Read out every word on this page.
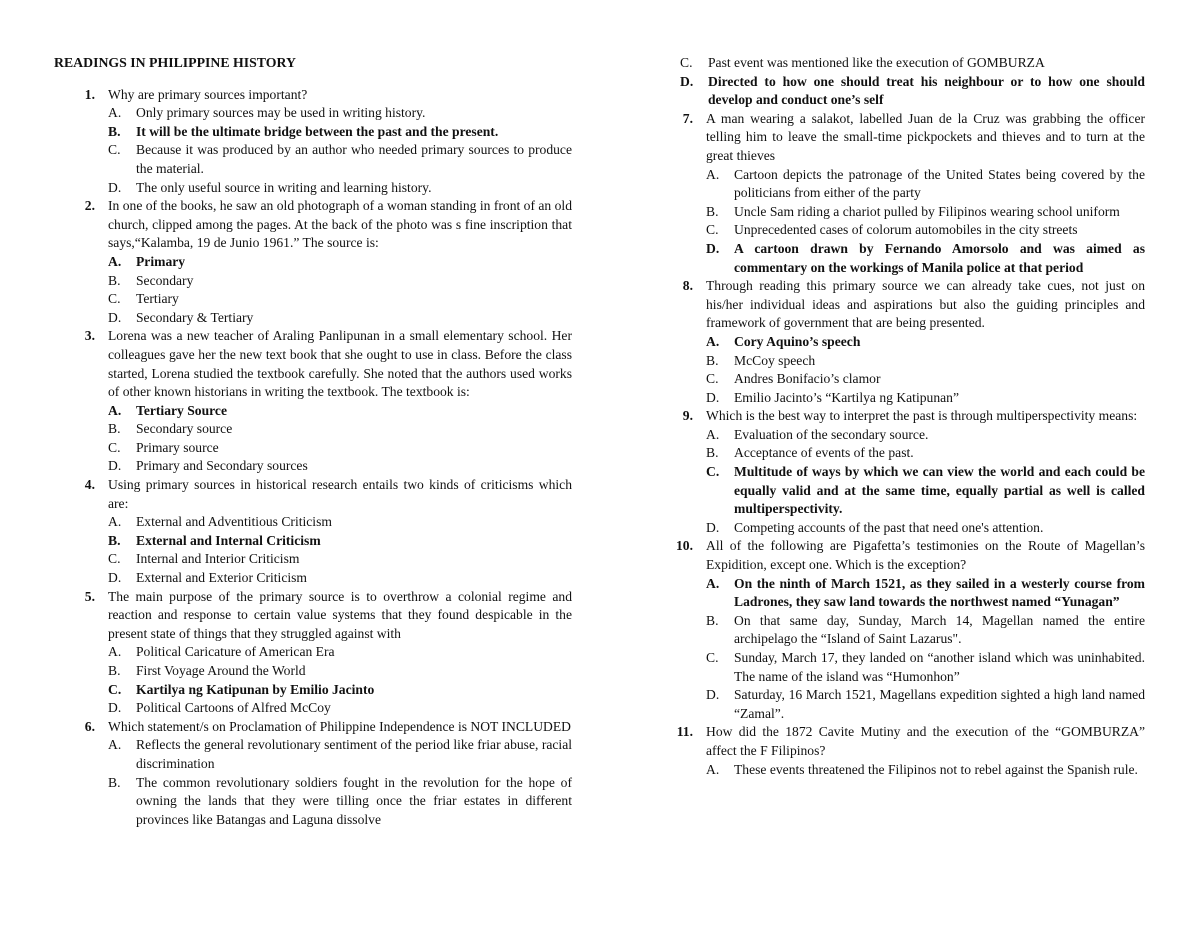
READINGS IN PHILIPPINE HISTORY
1. Why are primary sources important?
A.	Only primary sources may be used in writing history.
B.	It will be the ultimate bridge between the past and the present.
C.	Because it was produced by an author who needed primary sources to produce the material.
D.	The only useful source in writing and learning history.
2. In one of the books, he saw an old photograph of a woman standing in front of an old church, clipped among the pages. At the back of the photo was s fine inscription that says,“Kalamba, 19 de Junio 1961.” The source is:
A.	Primary
B.	Secondary
C.	Tertiary
D.	Secondary & Tertiary
3. Lorena was a new teacher of Araling Panlipunan in a small elementary school. Her colleagues gave her the new text book that she ought to use in class. Before the class started, Lorena studied the textbook carefully. She noted that the authors used works of other known historians in writing the textbook. The textbook is:
A.	Tertiary Source
B.	Secondary source
C.	Primary source
D.	Primary and Secondary sources
4. Using primary sources in historical research entails two kinds of criticisms which are:
A.	External and Adventitious Criticism
B.	External and Internal Criticism
C.	Internal and Interior Criticism
D.	External and Exterior Criticism
5. The main purpose of the primary source is to overthrow a colonial regime and reaction and response to certain value systems that they found despicable in the present state of things that they struggled against with
A.	Political Caricature of American Era
B.	First Voyage Around the World
C.	Kartilya ng Katipunan by Emilio Jacinto
D.	Political Cartoons of Alfred McCoy
6. Which statement/s on Proclamation of Philippine Independence is NOT INCLUDED
A.	Reflects the general revolutionary sentiment of the period like friar abuse, racial discrimination
B.	The common revolutionary soldiers fought in the revolution for the hope of owning the lands that they were tilling once the friar estates in different provinces like Batangas and Laguna dissolve
C.	Past event was mentioned like the execution of GOMBURZA
D.	Directed to how one should treat his neighbour or to how one should develop and conduct one’s self
7. A man wearing a salakot, labelled Juan de la Cruz was grabbing the officer telling him to leave the small-time pickpockets and thieves and to turn at the great thieves
A.	Cartoon depicts the patronage of the United States being covered by the politicians from either of the party
B.	Uncle Sam riding a chariot pulled by Filipinos wearing school uniform
C.	Unprecedented cases of colorum automobiles in the city streets
D.	A cartoon drawn by Fernando Amorsolo and was aimed as commentary on the workings of Manila police at that period
8. Through reading this primary source we can already take cues, not just on his/her individual ideas and aspirations but also the guiding principles and framework of government that are being presented.
A.	Cory Aquino’s speech
B.	McCoy speech
C.	Andres Bonifacio’s clamor
D.	Emilio Jacinto’s “Kartilya ng Katipunan”
9. Which is the best way to interpret the past is through multiperspectivity means:
A.	Evaluation of the secondary source.
B.	Acceptance of events of the past.
C.	Multitude of ways by which we can view the world and each could be equally valid and at the same time, equally partial as well is called multiperspectivity.
D.	Competing accounts of the past that need one's attention.
10. All of the following are Pigafetta’s testimonies on the Route of Magellan’s Expidition, except one. Which is the exception?
A.	On the ninth of March 1521, as they sailed in a westerly course from Ladrones, they saw land towards the northwest named “Yunagan”
B.	On that same day, Sunday, March 14, Magellan named the entire archipelago the “Island of Saint Lazarus".
C.	Sunday, March 17, they landed on “another island which was uninhabited. The name of the island was “Humonhon”
D.	Saturday, 16 March 1521, Magellans expedition sighted a high land named “Zamal”.
11. How did the 1872 Cavite Mutiny and the execution of the “GOMBURZA” affect the F Filipinos?
A.	These events threatened the Filipinos not to rebel against the Spanish rule.
